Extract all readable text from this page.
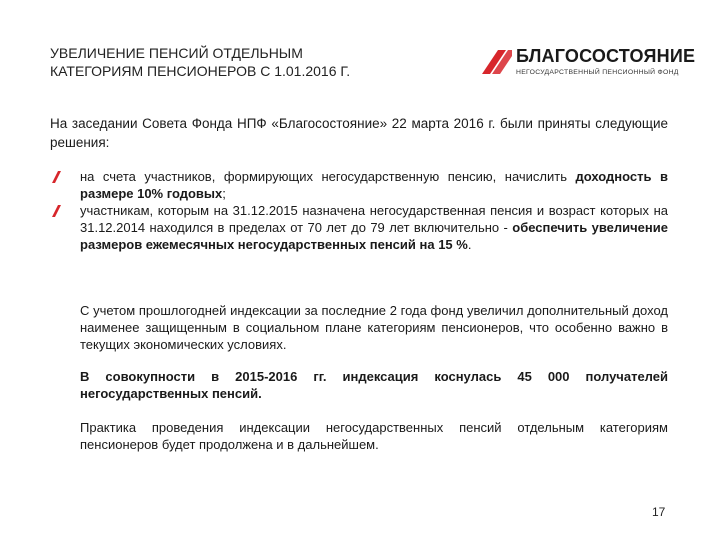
УВЕЛИЧЕНИЕ ПЕНСИЙ ОТДЕЛЬНЫМ
КАТЕГОРИЯМ ПЕНСИОНЕРОВ С 1.01.2016 Г.
БЛАГОСОСТОЯНИЕ
НЕГОСУДАРСТВЕННЫЙ ПЕНСИОННЫЙ ФОНД
На заседании Совета Фонда НПФ «Благосостояние» 22 марта 2016 г. были приняты следующие решения:
на счета участников, формирующих негосударственную пенсию, начислить доходность в размере 10% годовых;
участникам, которым на 31.12.2015 назначена негосударственная пенсия и возраст которых на 31.12.2014 находился в пределах от 70 лет до 79 лет включительно - обеспечить увеличение размеров ежемесячных негосударственных пенсий на 15 %.
С учетом прошлогодней индексации за последние 2 года фонд увеличил дополнительный доход наименее защищенным в социальном плане категориям пенсионеров, что особенно важно в текущих экономических условиях.
В совокупности в 2015-2016 гг. индексация коснулась 45 000 получателей негосударственных пенсий.
Практика проведения индексации негосударственных пенсий отдельным категориям пенсионеров будет продолжена и в дальнейшем.
17
